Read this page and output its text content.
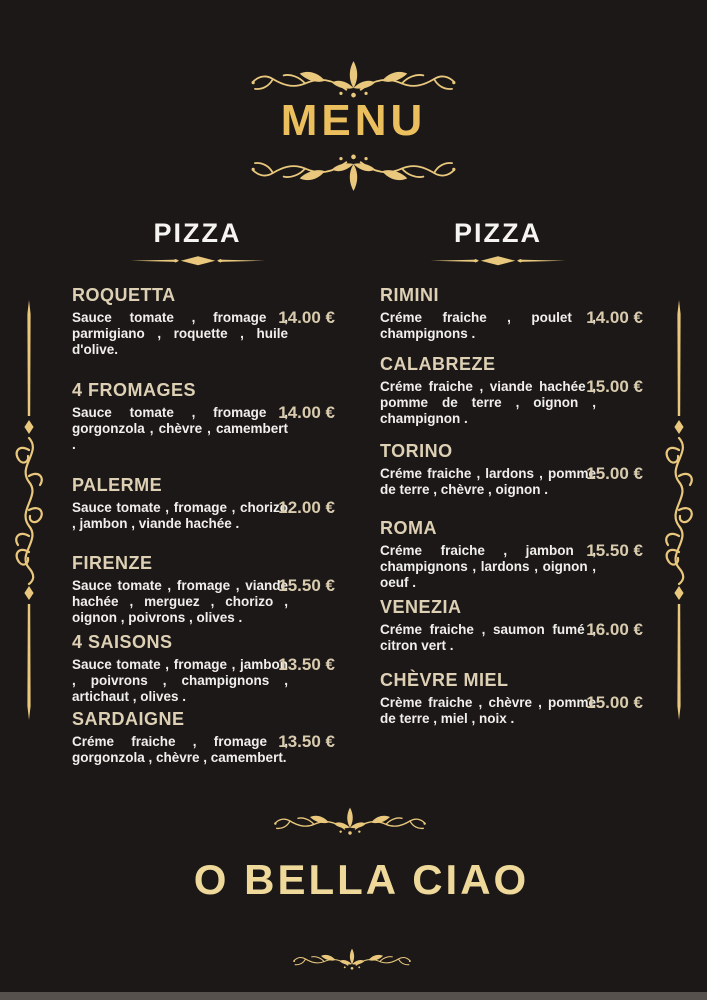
MENU
PIZZA	PIZZA
ROQUETTA
Sauce tomate , fromage , parmigiano , roquette , huile d'olive.
14.00 €
4 FROMAGES
Sauce tomate , fromage , gorgonzola , chèvre , camembert .
14.00 €
PALERME
Sauce tomate , fromage , chorizo , jambon , viande hachée .
12.00 €
FIRENZE
Sauce tomate , fromage , viande hachée , merguez , chorizo , oignon , poivrons , olives .
15.50 €
4 SAISONS
Sauce tomate , fromage , jambon , poivrons , champignons , artichaut , olives .
13.50 €
SARDAIGNE
Créme fraiche , fromage , gorgonzola , chèvre , camembert.
13.50 €
RIMINI
Créme fraiche , poulet , champignons .
14.00 €
CALABREZE
Créme fraiche , viande hachée , pomme de terre , oignon , champignon .
15.00 €
TORINO
Créme fraiche , lardons , pomme de terre , chèvre , oignon .
15.00 €
ROMA
Créme fraiche , jambon , champignons , lardons , oignon , oeuf .
15.50 €
VENEZIA
Créme fraiche , saumon fumé , citron vert .
16.00 €
CHÈVRE MIEL
Crème fraiche , chèvre , pomme de terre , miel , noix .
15.00 €
O BELLA CIAO
